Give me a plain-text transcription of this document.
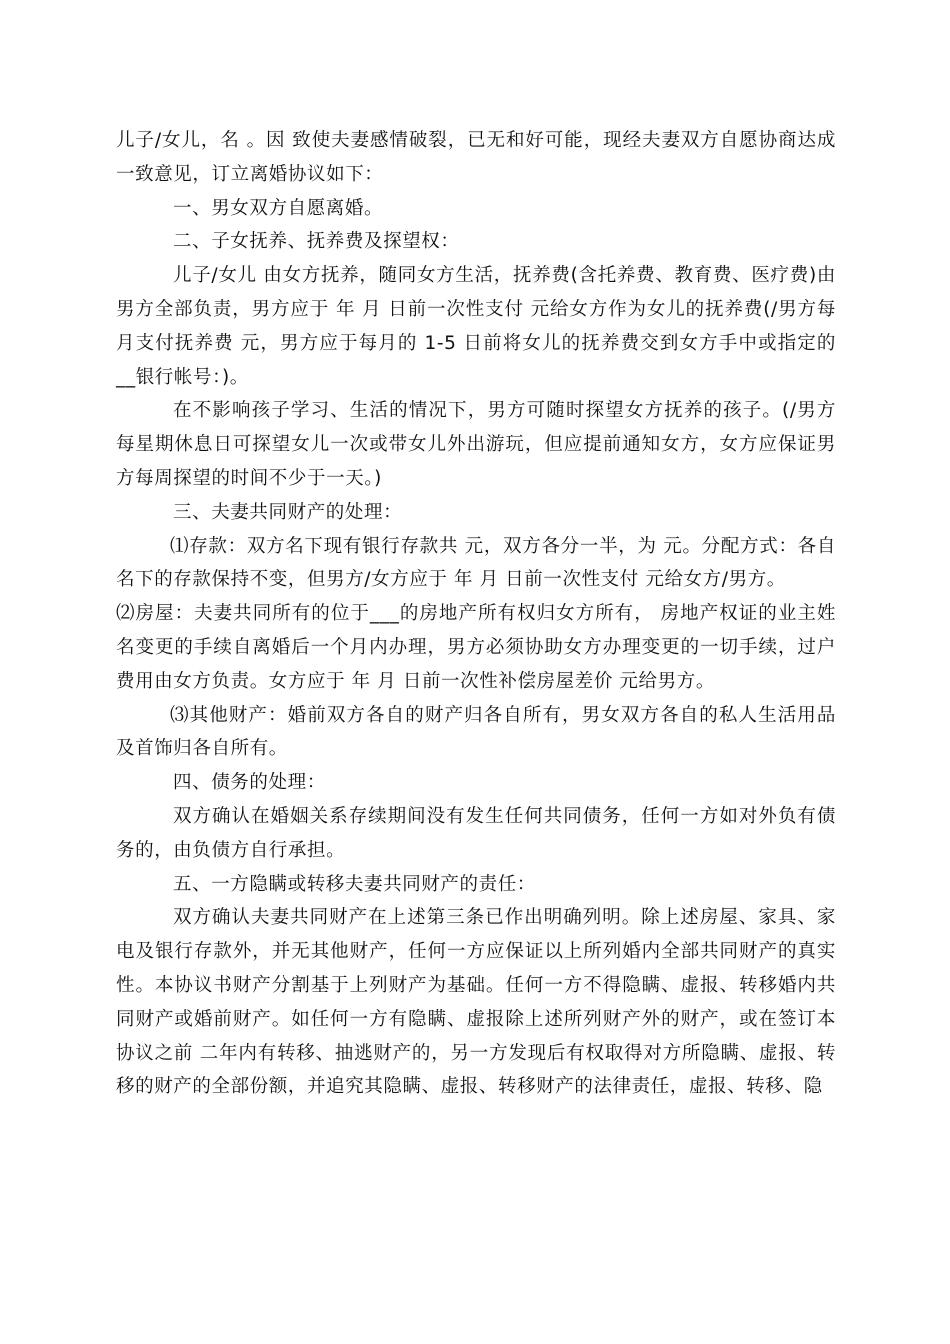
儿子/女儿，名 。因 致使夫妻感情破裂，已无和好可能，现经夫妻双方自愿协商达成一致意见，订立离婚协议如下：

一、男女双方自愿离婚。

二、子女抚养、抚养费及探望权：

儿子/女儿 由女方抚养，随同女方生活，抚养费(含托养费、教育费、医疗费)由男方全部负责，男方应于 年 月 日前一次性支付 元给女方作为女儿的抚养费(/男方每月支付抚养费 元，男方应于每月的 1-5 日前将女儿的抚养费交到女方手中或指定的__银行帐号：)。

在不影响孩子学习、生活的情况下，男方可随时探望女方抚养的孩子。(/男方每星期休息日可探望女儿一次或带女儿外出游玩，但应提前通知女方，女方应保证男方每周探望的时间不少于一天。)

三、夫妻共同财产的处理：

⑴存款：双方名下现有银行存款共 元，双方各分一半，为 元。分配方式：各自名下的存款保持不变，但男方/女方应于 年 月 日前一次性支付 元给女方/男方。

⑵房屋：夫妻共同所有的位于___的房地产所有权归女方所有， 房地产权证的业主姓名变更的手续自离婚后一个月内办理，男方必须协助女方办理变更的一切手续，过户费用由女方负责。女方应于 年 月 日前一次性补偿房屋差价 元给男方。

⑶其他财产：婚前双方各自的财产归各自所有，男女双方各自的私人生活用品及首饰归各自所有。

四、债务的处理：

双方确认在婚姻关系存续期间没有发生任何共同债务，任何一方如对外负有债务的，由负债方自行承担。

五、一方隐瞒或转移夫妻共同财产的责任：

双方确认夫妻共同财产在上述第三条已作出明确列明。除上述房屋、家具、家电及银行存款外，并无其他财产，任何一方应保证以上所列婚内全部共同财产的真实性。本协议书财产分割基于上列财产为基础。任何一方不得隐瞒、虚报、转移婚内共同财产或婚前财产。如任何一方有隐瞒、虚报除上述所列财产外的财产，或在签订本协议之前 二年内有转移、抽逃财产的，另一方发现后有权取得对方所隐瞒、虚报、转移的财产的全部份额，并追究其隐瞒、虚报、转移财产的法律责任，虚报、转移、隐
